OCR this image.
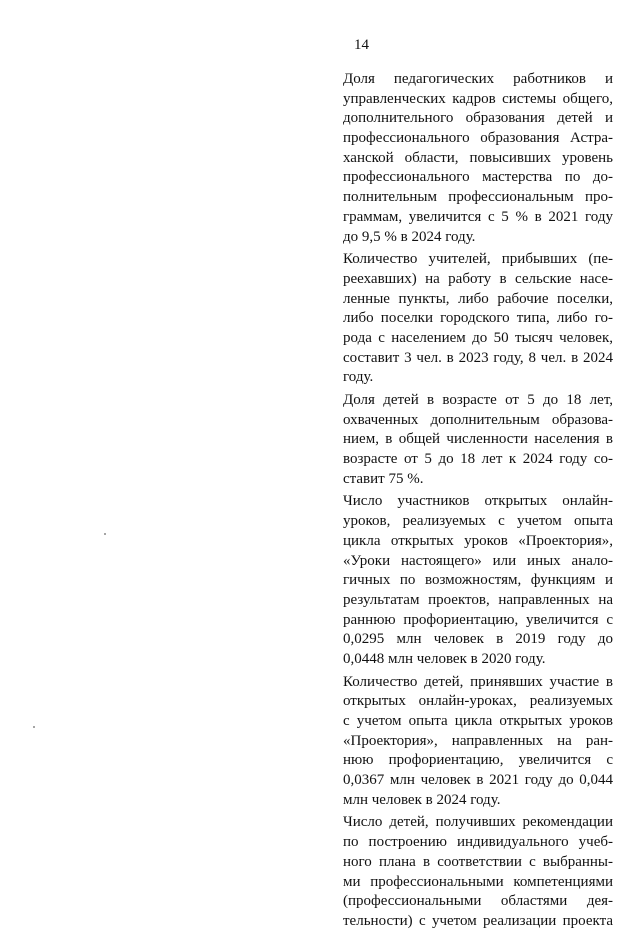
14
Доля педагогических работников и
управленческих кадров системы общего,
дополнительного образования детей и
профессионального образования Астра-
ханской области, повысивших уровень
профессионального мастерства по до-
полнительным профессиональным про-
граммам, увеличится с 5 % в 2021 году
до 9,5 % в 2024 году.
Количество учителей, прибывших (пе-
реехавших) на работу в сельские насе-
ленные пункты, либо рабочие поселки,
либо поселки городского типа, либо го-
рода с населением до 50 тысяч человек,
составит 3 чел. в 2023 году, 8 чел. в 2024
году.
Доля детей в возрасте от 5 до 18 лет,
охваченных дополнительным образова-
нием, в общей численности населения в
возрасте от 5 до 18 лет к 2024 году со-
ставит 75 %.
Число участников открытых онлайн-
уроков, реализуемых с учетом опыта
цикла открытых уроков «Проектория»,
«Уроки настоящего» или иных анало-
гичных по возможностям, функциям и
результатам проектов, направленных на
раннюю профориентацию, увеличится с
0,0295 млн человек в 2019 году до
0,0448 млн человек в 2020 году.
Количество детей, принявших участие в
открытых онлайн-уроках, реализуемых
с учетом опыта цикла открытых уроков
«Проектория», направленных на ран-
нюю профориентацию, увеличится с
0,0367 млн человек в 2021 году до 0,044
млн человек в 2024 году.
Число детей, получивших рекомендации
по построению индивидуального учеб-
ного плана в соответствии с выбранны-
ми профессиональными компетенциями
(профессиональными областями дея-
тельности) с учетом реализации проекта
